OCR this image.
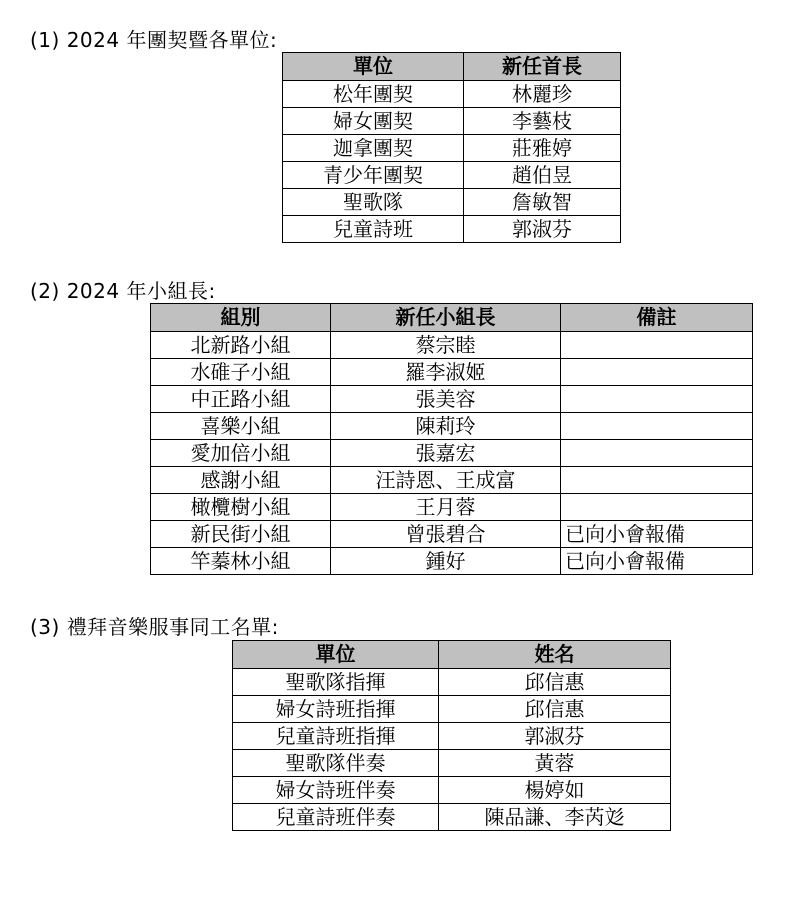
(1) 2024 年團契暨各單位:
單位	新任首長
松年團契	林麗珍
婦女團契	李藝枝
迦拿團契	莊雅婷
青少年團契	趙伯昱
聖歌隊	詹敏智
兒童詩班	郭淑芬
(2) 2024 年小組長:
組別	新任小組長	備註
北新路小組	蔡宗睦	
水碓子小組	羅李淑姬	
中正路小組	張美容	
喜樂小組	陳莉玲	
愛加倍小組	張嘉宏	
感謝小組	汪詩恩、王成富	
橄欖樹小組	王月蓉	
新民街小組	曾張碧合	已向小會報備
竿蓁林小組	鍾好	已向小會報備
(3) 禮拜音樂服事同工名單:
單位	姓名
聖歌隊指揮	邱信惠
婦女詩班指揮	邱信惠
兒童詩班指揮	郭淑芬
聖歌隊伴奏	黃蓉
婦女詩班伴奏	楊婷如
兒童詩班伴奏	陳品謙、李芮彣
